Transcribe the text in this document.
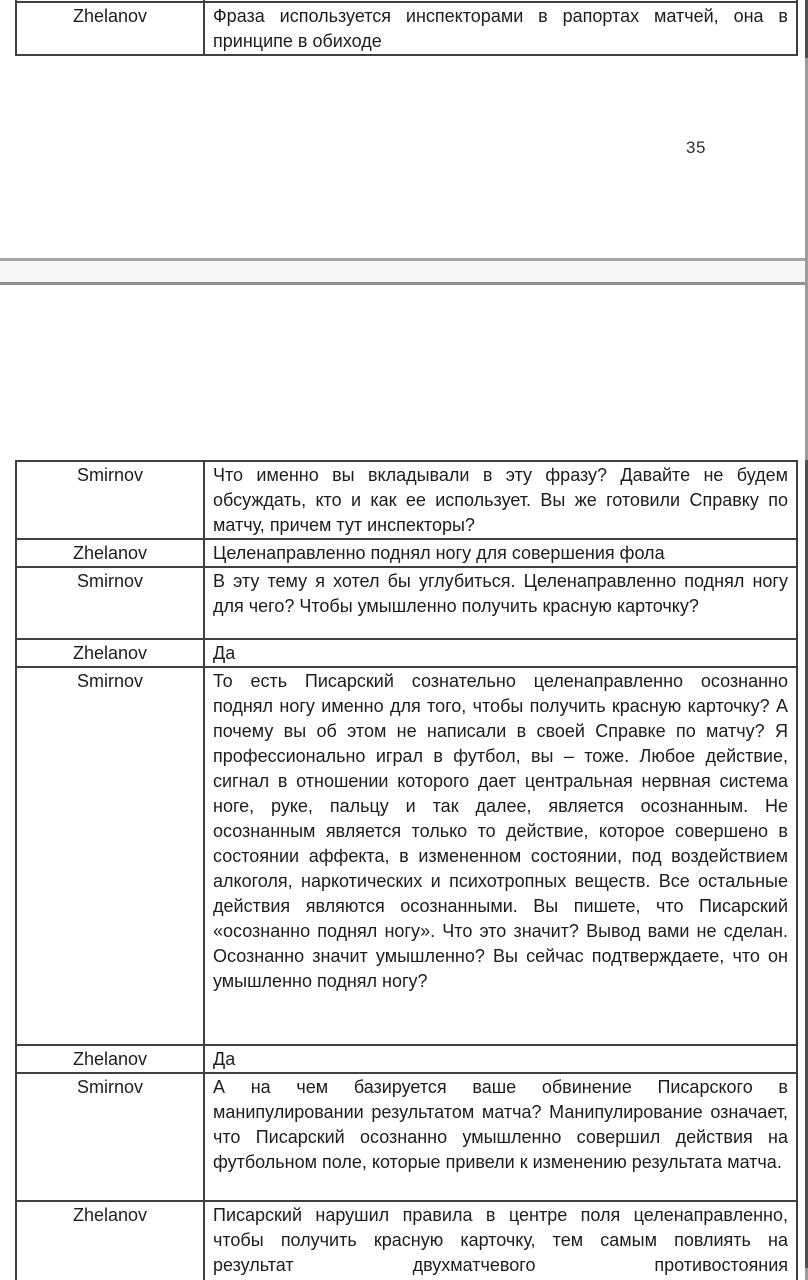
Zhelanov	Фраза используется инспекторами в рапортах матчей, она в принципе в обиходе
35
Smirnov	Что именно вы вкладывали в эту фразу? Давайте не будем обсуждать, кто и как ее использует. Вы же готовили Справку по матчу, причем тут инспекторы?
Zhelanov	Целенаправленно поднял ногу для совершения фола
Smirnov	В эту тему я хотел бы углубиться. Целенаправленно поднял ногу для чего? Чтобы умышленно получить красную карточку?
Zhelanov	Да
Smirnov	То есть Писарский сознательно целенаправленно осознанно поднял ногу именно для того, чтобы получить красную карточку? А почему вы об этом не написали в своей Справке по матчу? Я профессионально играл в футбол, вы – тоже. Любое действие, сигнал в отношении которого дает центральная нервная система ноге, руке, пальцу и так далее, является осознанным. Не осознанным является только то действие, которое совершено в состоянии аффекта, в измененном состоянии, под воздействием алкоголя, наркотических и психотропных веществ. Все остальные действия являются осознанными. Вы пишете, что Писарский «осознанно поднял ногу». Что это значит? Вывод вами не сделан. Осознанно значит умышленно? Вы сейчас подтверждаете, что он умышленно поднял ногу?
Zhelanov	Да
Smirnov	А на чем базируется ваше обвинение Писарского в манипулировании результатом матча? Манипулирование означает, что Писарский осознанно умышленно совершил действия на футбольном поле, которые привели к изменению результата матча.
Zhelanov	Писарский нарушил правила в центре поля целенаправленно, чтобы получить красную карточку, тем самым повлиять на результат двухматчевого противостояния
